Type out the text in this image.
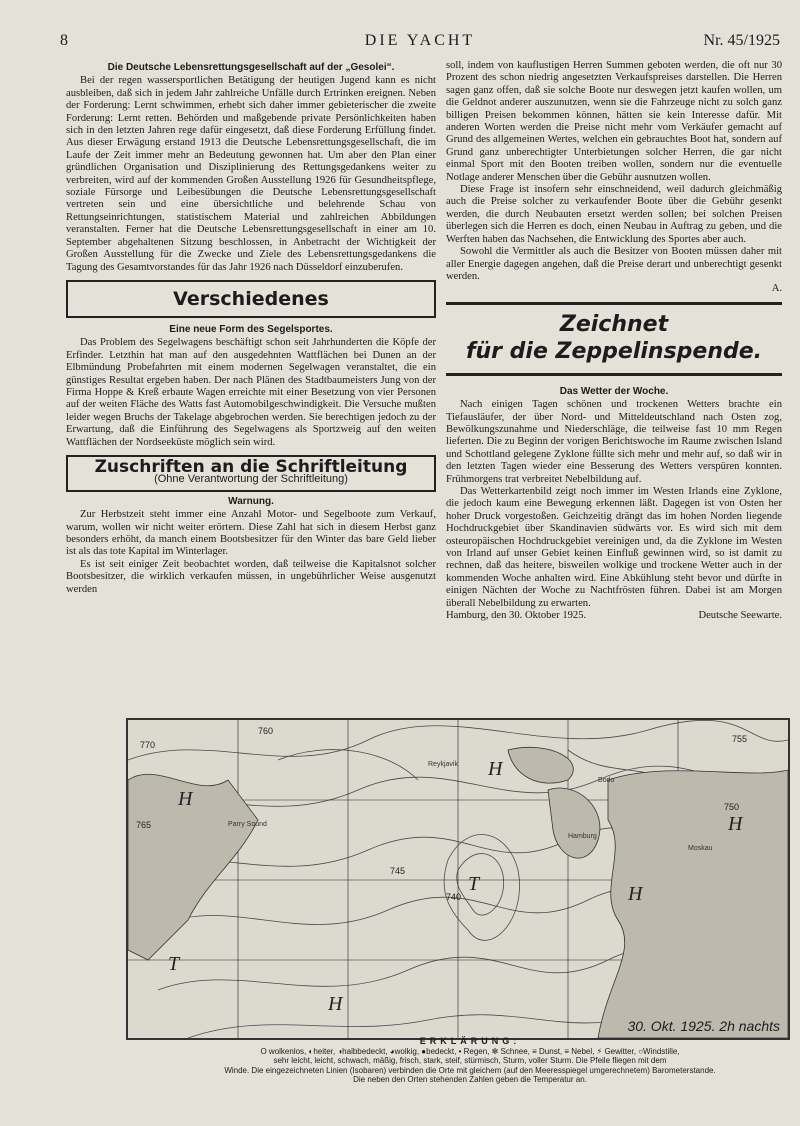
8	DIE YACHT	Nr. 45/1925
Die Deutsche Lebensrettungsgesellschaft auf der „Gesolei“.

Bei der regen wassersportlichen Betätigung der heutigen Jugend kann es nicht ausbleiben, daß sich in jedem Jahr zahlreiche Unfälle durch Ertrinken ereignen. Neben der Forderung: Lernt schwimmen, erhebt sich daher immer gebieterischer die zweite Forderung: Lernt retten. Behörden und maßgebende private Persönlichkeiten haben sich in den letzten Jahren rege dafür eingesetzt, daß diese Forderung Erfüllung findet. Aus dieser Erwägung erstand 1913 die Deutsche Lebensrettungsgesellschaft, die im Laufe der Zeit immer mehr an Bedeutung gewonnen hat. Um aber den Plan einer gründlichen Organisation und Disziplinierung des Rettungsgedankens weiter zu verbreiten, wird auf der kommenden Großen Ausstellung 1926 für Gesundheitspflege, soziale Fürsorge und Leibesübungen die Deutsche Lebensrettungsgesellschaft vertreten sein und eine übersichtliche und belehrende Schau von Rettungseinrichtungen, statistischem Material und zahlreichen Abbildungen veranstalten. Ferner hat die Deutsche Lebensrettungsgesellschaft in einer am 10. September abgehaltenen Sitzung beschlossen, in Anbetracht der Wichtigkeit der Großen Ausstellung für die Zwecke und Ziele des Lebensrettungsgedankens die Tagung des Gesamtvorstandes für das Jahr 1926 nach Düsseldorf einzuberufen.

Verschiedenes
Eine neue Form des Segelsportes.

Das Problem des Segelwagens beschäftigt schon seit Jahrhunderten die Köpfe der Erfinder. Letzthin hat man auf den ausgedehnten Wattflächen bei Dunen an der Elbmündung Probefahrten mit einem modernen Segelwagen veranstaltet, die ein günstiges Resultat ergeben haben. Der nach Plänen des Stadtbaumeisters Jung von der Firma Hoppe & Kreß erbaute Wagen erreichte mit einer Besetzung von vier Personen auf der weiten Fläche des Watts fast Automobilgeschwindigkeit. Die Versuche mußten leider wegen Bruchs der Takelage abgebrochen werden. Sie berechtigen jedoch zu der Erwartung, daß die Einführung des Segelwagens als Sportzweig auf den weiten Wattflächen der Nordseeküste möglich sein wird.

Zuschriften an die Schriftleitung
(Ohne Verantwortung der Schriftleitung)
Warnung.

Zur Herbstzeit steht immer eine Anzahl Motor- und Segelboote zum Verkauf, warum, wollen wir nicht weiter erörtern. Diese Zahl hat sich in diesem Herbst ganz besonders erhöht, da manch einem Bootsbesitzer für den Winter das bare Geld lieber ist als das tote Kapital im Winterlager.

Es ist seit einiger Zeit beobachtet worden, daß teilweise die Kapitalsnot solcher Bootsbesitzer, die wirklich verkaufen müssen, in ungebührlicher Weise ausgenutzt werden

soll, indem von kauflustigen Herren Summen geboten werden, die oft nur 30 Prozent des schon niedrig angesetzten Verkaufspreises darstellen. Die Herren sagen ganz offen, daß sie solche Boote nur deswegen jetzt kaufen wollen, um die Geldnot anderer auszunutzen, wenn sie die Fahrzeuge nicht zu solch ganz billigen Preisen bekommen können, hätten sie kein Interesse dafür. Mit anderen Worten werden die Preise nicht mehr vom Verkäufer gemacht auf Grund des allgemeinen Wertes, welchen ein gebrauchtes Boot hat, sondern auf Grund ganz unberechtigter Unterbietungen solcher Herren, die gar nicht einmal Sport mit den Booten treiben wollen, sondern nur die eventuelle Notlage anderer Menschen über die Gebühr ausnutzen wollen.

Diese Frage ist insofern sehr einschneidend, weil dadurch gleichmäßig auch die Preise solcher zu verkaufender Boote über die Gebühr gesenkt werden, die durch Neubauten ersetzt werden sollen; bei solchen Preisen überlegen sich die Herren es doch, einen Neubau in Auftrag zu geben, und die Werften haben das Nachsehen, die Entwicklung des Sportes aber auch.

Sowohl die Vermittler als auch die Besitzer von Booten müssen daher mit aller Energie dagegen angehen, daß die Preise derart und unberechtigt gesenkt werden.
A.

Zeichnet
für die Zeppelinspende.
Das Wetter der Woche.

Nach einigen Tagen schönen und trockenen Wetters brachte ein Tiefausläufer, der über Nord- und Mitteldeutschland nach Osten zog, Bewölkungszunahme und Niederschläge, die teilweise fast 10 mm Regen lieferten. Die zu Beginn der vorigen Berichtswoche im Raume zwischen Island und Schottland gelegene Zyklone füllte sich mehr und mehr auf, so daß wir in den letzten Tagen wieder eine Besserung des Wetters verspüren konnten. Frühmorgens trat verbreitet Nebelbildung auf.

Das Wetterkartenbild zeigt noch immer im Westen Irlands eine Zyklone, die jedoch kaum eine Bewegung erkennen läßt. Dagegen ist von Osten her hoher Druck vorgestoßen. Geichzeitig drängt das im hohen Norden liegende Hochdruckgebiet über Skandinavien südwärts vor. Es wird sich mit dem osteuropäischen Hochdruckgebiet vereinigen und, da die Zyklone im Westen von Irland auf unser Gebiet keinen Einfluß gewinnen wird, so ist damit zu rechnen, daß das heitere, bisweilen wolkige und trockene Wetter auch in der kommenden Woche anhalten wird. Eine Abkühlung steht bevor und dürfte in einigen Nächten der Woche zu Nachtfrösten führen. Dabei ist am Morgen überall Nebelbildung zu erwarten.

Hamburg, den 30. Oktober 1925.	Deutsche Seewarte.
770
765
760
755
750
745
740
H
H
H
H
H
T
T
Parry Sound
Hamburg
Bodo
Moskau
Reykjavik
30. Okt. 1925. 2h nachts
ERKLÄRUNG:
O wolkenlos, ◐heiter, ◑halbbedeckt, ◕wolkig, ●bedeckt, • Regen, ✻ Schnee, ≡ Dunst, ≡ Nebel, ⚡ Gewitter, ○Windstille,
sehr leicht, leicht, schwach, mäßig, frisch, stark, steif, stürmisch, Sturm, voller Sturm. Die Pfeile fliegen mit dem
Winde. Die eingezeichneten Linien (Isobaren) verbinden die Orte mit gleichem (auf den Meeresspiegel umgerechnetem) Barometerstande.
Die neben den Orten stehenden Zahlen geben die Temperatur an.
